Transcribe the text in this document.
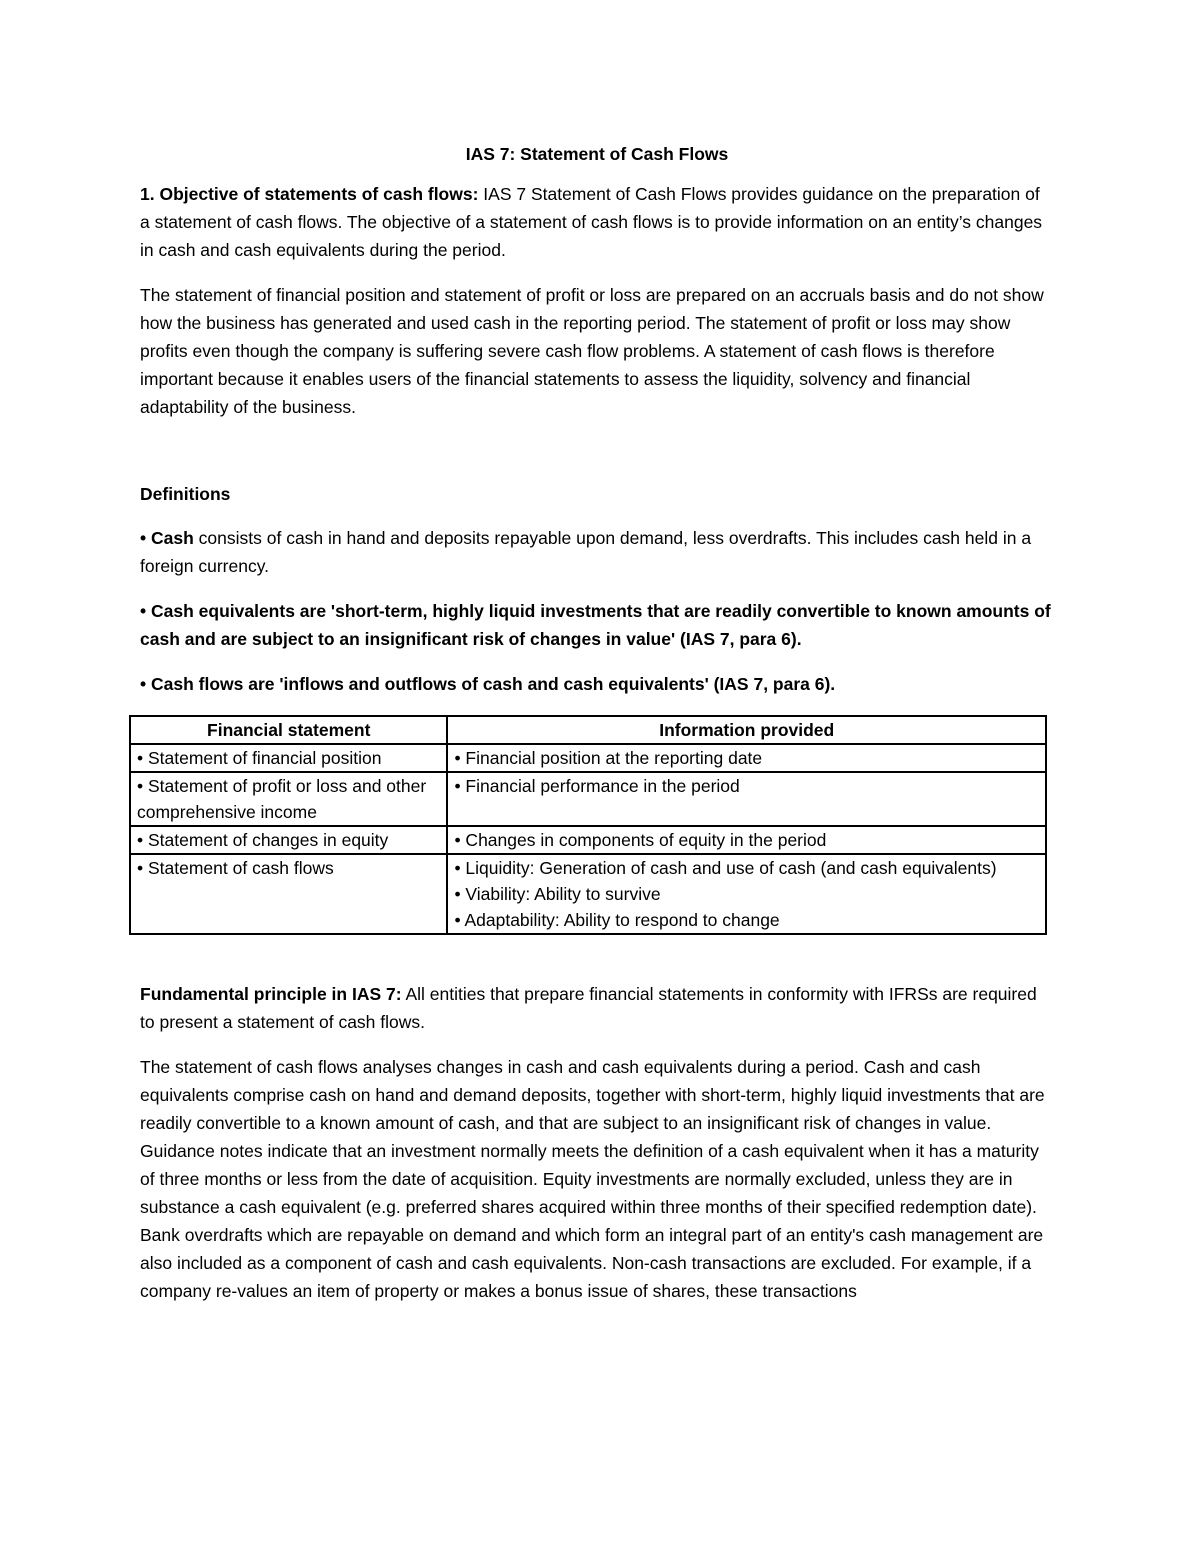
IAS 7: Statement of Cash Flows

1. Objective of statements of cash flows: IAS 7 Statement of Cash Flows provides guidance on the preparation of a statement of cash flows. The objective of a statement of cash flows is to provide information on an entity’s changes in cash and cash equivalents during the period.

The statement of financial position and statement of profit or loss are prepared on an accruals basis and do not show how the business has generated and used cash in the reporting period. The statement of profit or loss may show profits even though the company is suffering severe cash flow problems. A statement of cash flows is therefore important because it enables users of the financial statements to assess the liquidity, solvency and financial adaptability of the business.

Definitions

• Cash consists of cash in hand and deposits repayable upon demand, less overdrafts. This includes cash held in a foreign currency.

• Cash equivalents are 'short-term, highly liquid investments that are readily convertible to known amounts of cash and are subject to an insignificant risk of changes in value' (IAS 7, para 6).

• Cash flows are 'inflows and outflows of cash and cash equivalents' (IAS 7, para 6).

Financial statement	Information provided
• Statement of financial position	• Financial position at the reporting date

• Statement of profit or loss and other comprehensive income	• Financial performance in the period

• Statement of changes in equity	• Changes in components of equity in the period

• Statement of cash flows	• Liquidity: Generation of cash and use of cash (and cash equivalents)
• Viability: Ability to survive
• Adaptability: Ability to respond to change

Fundamental principle in IAS 7: All entities that prepare financial statements in conformity with IFRSs are required to present a statement of cash flows.

The statement of cash flows analyses changes in cash and cash equivalents during a period. Cash and cash equivalents comprise cash on hand and demand deposits, together with short-term, highly liquid investments that are readily convertible to a known amount of cash, and that are subject to an insignificant risk of changes in value. Guidance notes indicate that an investment normally meets the definition of a cash equivalent when it has a maturity of three months or less from the date of acquisition. Equity investments are normally excluded, unless they are in substance a cash equivalent (e.g. preferred shares acquired within three months of their specified redemption date). Bank overdrafts which are repayable on demand and which form an integral part of an entity's cash management are also included as a component of cash and cash equivalents. Non-cash transactions are excluded. For example, if a company re-values an item of property or makes a bonus issue of shares, these transactions
